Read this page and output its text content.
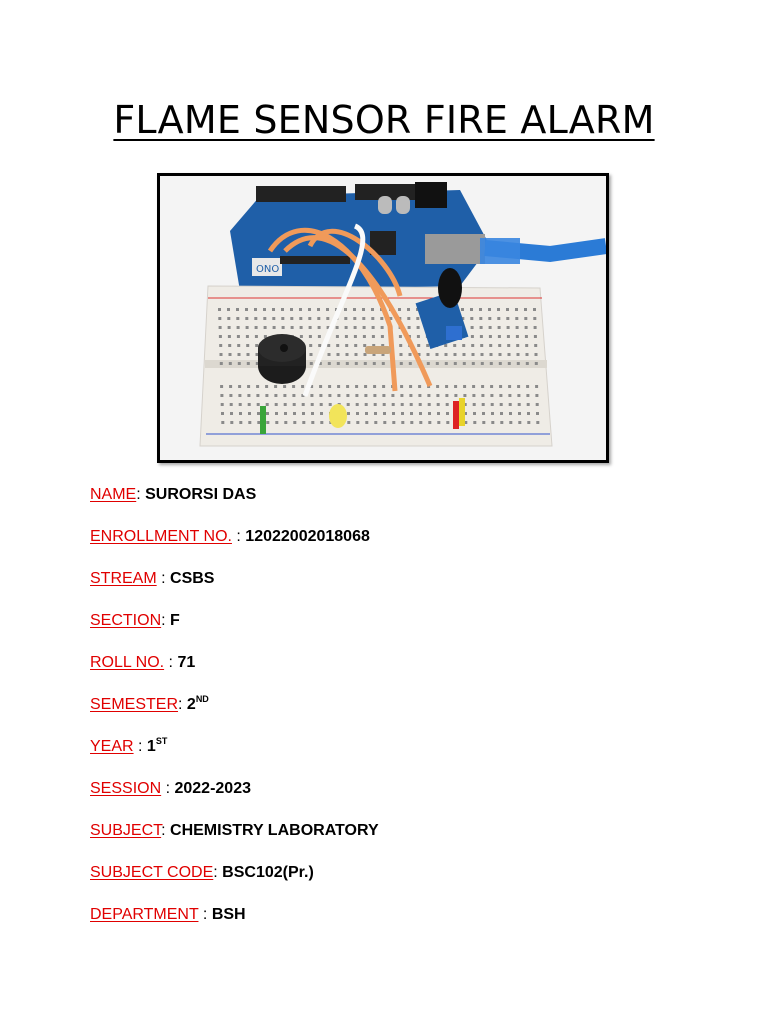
FLAME SENSOR FIRE ALARM
ONO
NAME: SURORSI DAS
ENROLLMENT NO. : 12022002018068
STREAM : CSBS
SECTION: F
ROLL NO. : 71
SEMESTER: 2ND
YEAR : 1ST
SESSION : 2022-2023
SUBJECT: CHEMISTRY LABORATORY
SUBJECT CODE: BSC102(Pr.)
DEPARTMENT : BSH
